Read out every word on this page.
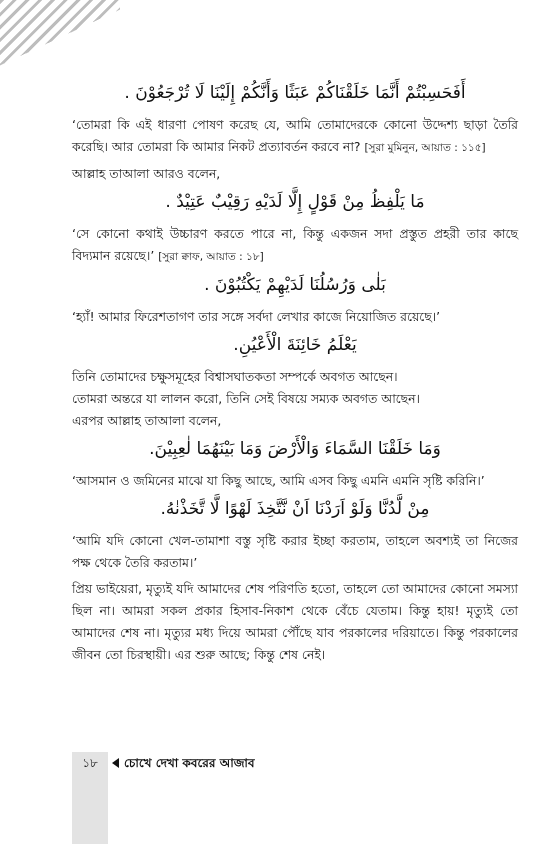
أَفَحَسِبْتُمْ أَنَّمَا خَلَقْنَاكُمْ عَبَثًا وَأَنَّكُمْ إِلَيْنَا لَا تُرْجَعُوْنَ .

‘তোমরা কি এই ধারণা পোষণ করেছ যে, আমি তোমাদেরকে কোনো উদ্দেশ্য ছাড়া তৈরি করেছি। আর তোমরা কি আমার নিকট প্রত্যাবর্তন করবে না? [সুরা মুমিনুন, আয়াত : ১১৫]

আল্লাহ তাআলা আরও বলেন,

مَا يَلْفِظُ مِنْ قَوْلٍ إِلَّا لَدَيْهِ رَقِيْبٌ عَتِيْدٌ .

‘সে কোনো কথাই উচ্চারণ করতে পারে না, কিন্তু একজন সদা প্রস্তুত প্রহরী তার কাছে বিদ্যমান রয়েছে।’ [সুরা ক্বাফ, আয়াত : ১৮]

بَلٰى وَرُسُلُنَا لَدَيْهِمْ يَكْتُبُوْنَ .

‘হ্যাঁ! আমার ফিরেশতাগণ তার সঙ্গে সর্বদা লেখার কাজে নিয়োজিত রয়েছে।’

يَعْلَمُ خَائِنَةَ الْأَعْيُنِ.

তিনি তোমাদের চক্ষুসমূহের বিশ্বাসঘাতকতা সম্পর্কে অবগত আছেন।

তোমরা অন্তরে যা লালন করো, তিনি সেই বিষয়ে সম্যক অবগত আছেন।

এরপর আল্লাহ তাআলা বলেন,

وَمَا خَلَقْنَا السَّمَاءَ وَالْأَرْضَ وَمَا بَيْنَهُمَا لٰعِبِيْنَ.

‘আসমান ও জমিনের মাঝে যা কিছু আছে, আমি এসব কিছু এমনি এমনি সৃষ্টি করিনি।’

مِنْ لَّدُنَّا وَلَوْ اَرَدْنَا اَنْ نَّتَّخِذَ لَهْوًا لَّا تَّخَذْنٰهُ.

‘আমি যদি কোনো খেল-তামাশা বস্তু সৃষ্টি করার ইচ্ছা করতাম, তাহলে অবশ্যই তা নিজের পক্ষ থেকে তৈরি করতাম।’

প্রিয় ভাইয়েরা, মৃত্যুই যদি আমাদের শেষ পরিণতি হতো, তাহলে তো আমাদের কোনো সমস্যা ছিল না। আমরা সকল প্রকার হিসাব-নিকাশ থেকে বেঁচে যেতাম। কিন্তু হায়! মৃত্যুই তো আমাদের শেষ না। মৃত্যুর মধ্য দিয়ে আমরা পৌঁছে যাব পরকালের দরিয়াতে। কিন্তু পরকালের জীবন তো চিরস্থায়ী। এর শুরু আছে; কিন্তু শেষ নেই।

১৮	চোখে দেখা কবরের আজাব
